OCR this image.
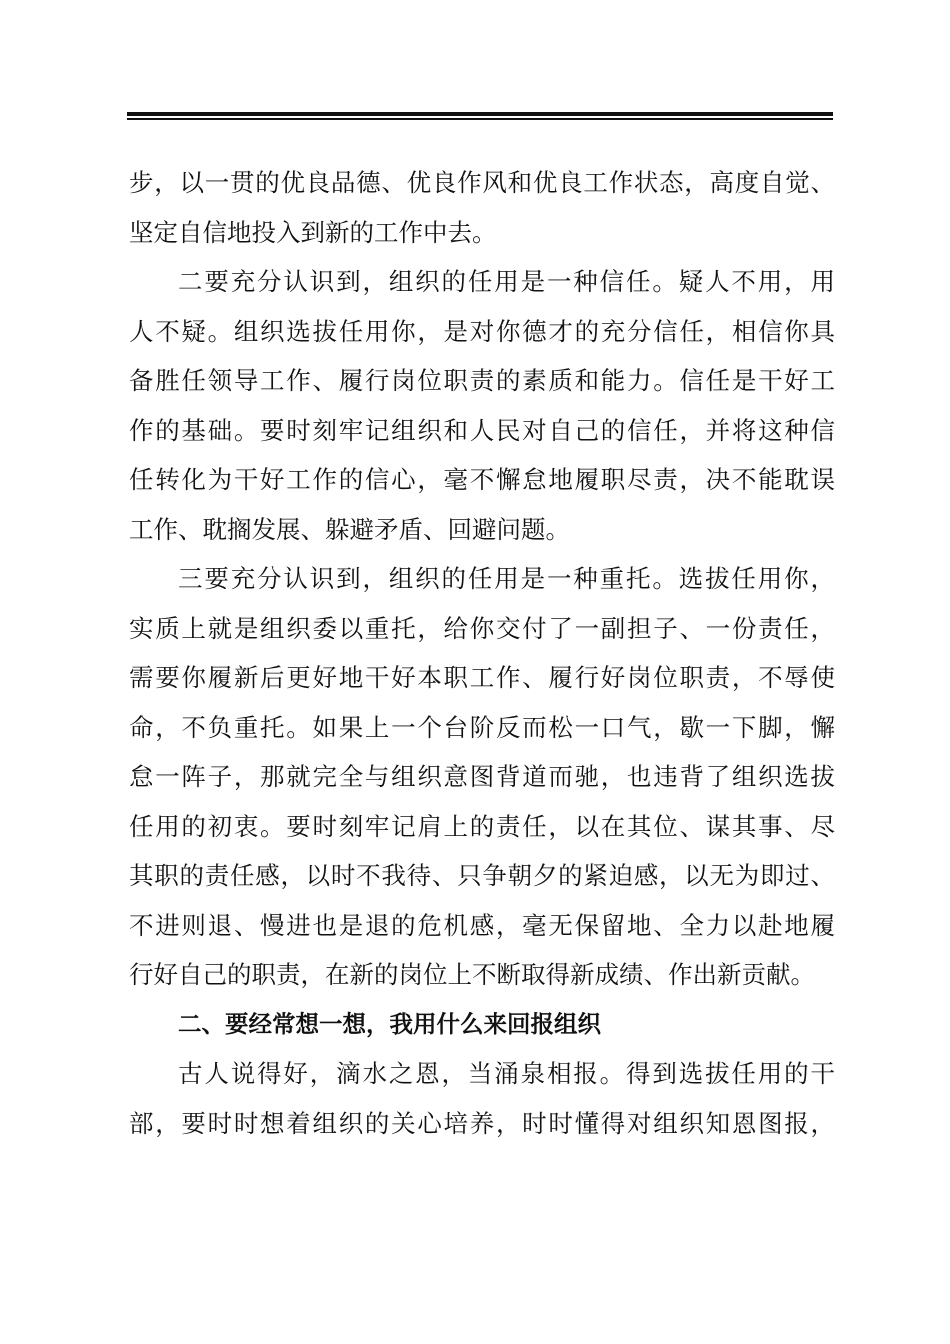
步，以一贯的优良品德、优良作风和优良工作状态，高度自觉、
坚定自信地投入到新的工作中去。
二要充分认识到，组织的任用是一种信任。疑人不用，用
人不疑。组织选拔任用你，是对你德才的充分信任，相信你具
备胜任领导工作、履行岗位职责的素质和能力。信任是干好工
作的基础。要时刻牢记组织和人民对自己的信任，并将这种信
任转化为干好工作的信心，毫不懈怠地履职尽责，决不能耽误
工作、耽搁发展、躲避矛盾、回避问题。
三要充分认识到，组织的任用是一种重托。选拔任用你，
实质上就是组织委以重托，给你交付了一副担子、一份责任，
需要你履新后更好地干好本职工作、履行好岗位职责，不辱使
命，不负重托。如果上一个台阶反而松一口气，歇一下脚，懈
怠一阵子，那就完全与组织意图背道而驰，也违背了组织选拔
任用的初衷。要时刻牢记肩上的责任，以在其位、谋其事、尽
其职的责任感，以时不我待、只争朝夕的紧迫感，以无为即过、
不进则退、慢进也是退的危机感，毫无保留地、全力以赴地履
行好自己的职责，在新的岗位上不断取得新成绩、作出新贡献。
二、要经常想一想，我用什么来回报组织
古人说得好，滴水之恩，当涌泉相报。得到选拔任用的干
部，要时时想着组织的关心培养，时时懂得对组织知恩图报，
